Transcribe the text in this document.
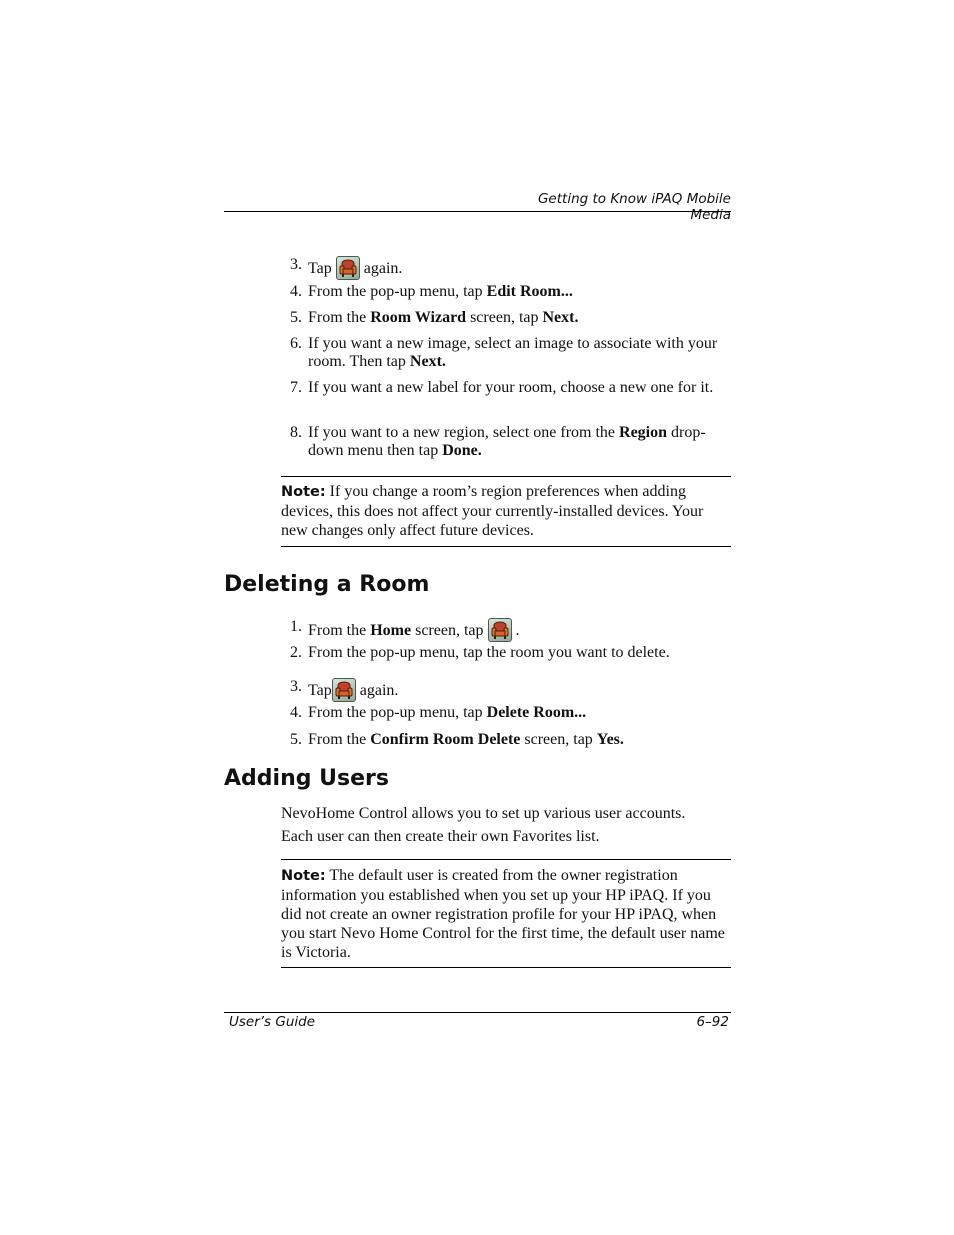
Getting to Know iPAQ Mobile Media
3. Tap again.
4. From the pop-up menu, tap Edit Room...
5. From the Room Wizard screen, tap Next.
6. If you want a new image, select an image to associate with your room. Then tap Next.
7. If you want a new label for your room, choose a new one for it.
8. If you want to a new region, select one from the Region drop-down menu then tap Done.
Note: If you change a room’s region preferences when adding devices, this does not affect your currently-installed devices. Your new changes only affect future devices.
Deleting a Room
1. From the Home screen, tap .
2. From the pop-up menu, tap the room you want to delete.
3. Tap again.
4. From the pop-up menu, tap Delete Room...
5. From the Confirm Room Delete screen, tap Yes.
Adding Users
NevoHome Control allows you to set up various user accounts.
Each user can then create their own Favorites list.
Note: The default user is created from the owner registration information you established when you set up your HP iPAQ. If you did not create an owner registration profile for your HP iPAQ, when you start Nevo Home Control for the first time, the default user name is Victoria.
User’s Guide	6–92
